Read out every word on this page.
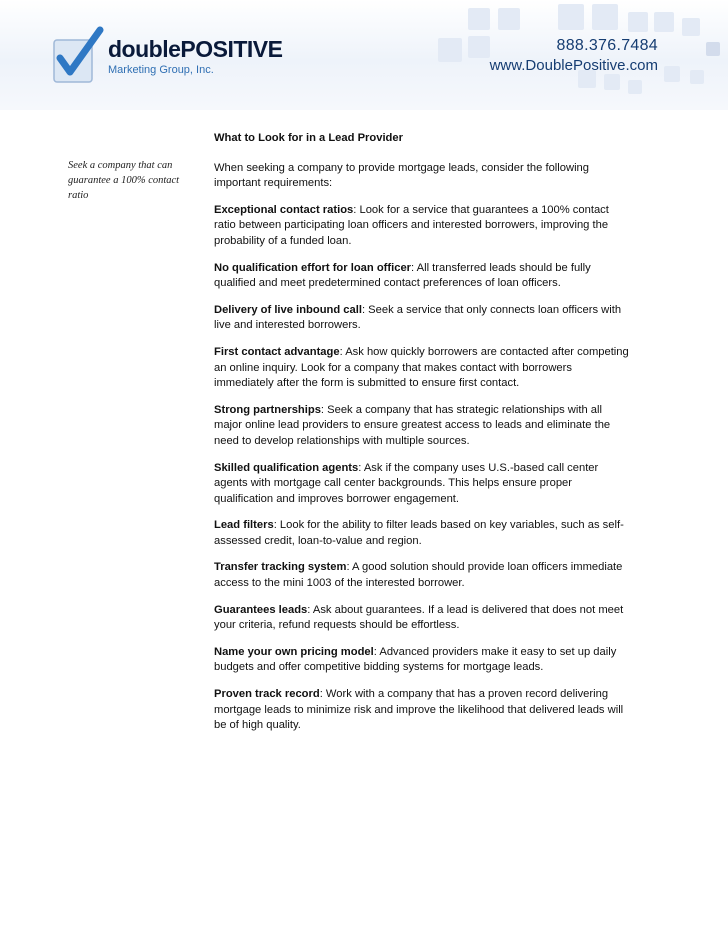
doublePOSITIVE
Marketing Group, Inc.
888.376.7484
www.DoublePositive.com
Seek a company that can guarantee a 100% contact ratio
What to Look for in a Lead Provider
When seeking a company to provide mortgage leads, consider the following important requirements:
Exceptional contact ratios: Look for a service that guarantees a 100% contact ratio between participating loan officers and interested borrowers, improving the probability of a funded loan.
No qualification effort for loan officer: All transferred leads should be fully qualified and meet predetermined contact preferences of loan officers.
Delivery of live inbound call: Seek a service that only connects loan officers with live and interested borrowers.
First contact advantage: Ask how quickly borrowers are contacted after competing an online inquiry. Look for a company that makes contact with borrowers immediately after the form is submitted to ensure first contact.
Strong partnerships: Seek a company that has strategic relationships with all major online lead providers to ensure greatest access to leads and eliminate the need to develop relationships with multiple sources.
Skilled qualification agents: Ask if the company uses U.S.-based call center agents with mortgage call center backgrounds. This helps ensure proper qualification and improves borrower engagement.
Lead filters: Look for the ability to filter leads based on key variables, such as self-assessed credit, loan-to-value and region.
Transfer tracking system: A good solution should provide loan officers immediate access to the mini 1003 of the interested borrower.
Guarantees leads: Ask about guarantees. If a lead is delivered that does not meet your criteria, refund requests should be effortless.
Name your own pricing model: Advanced providers make it easy to set up daily budgets and offer competitive bidding systems for mortgage leads.
Proven track record: Work with a company that has a proven record delivering mortgage leads to minimize risk and improve the likelihood that delivered leads will be of high quality.
